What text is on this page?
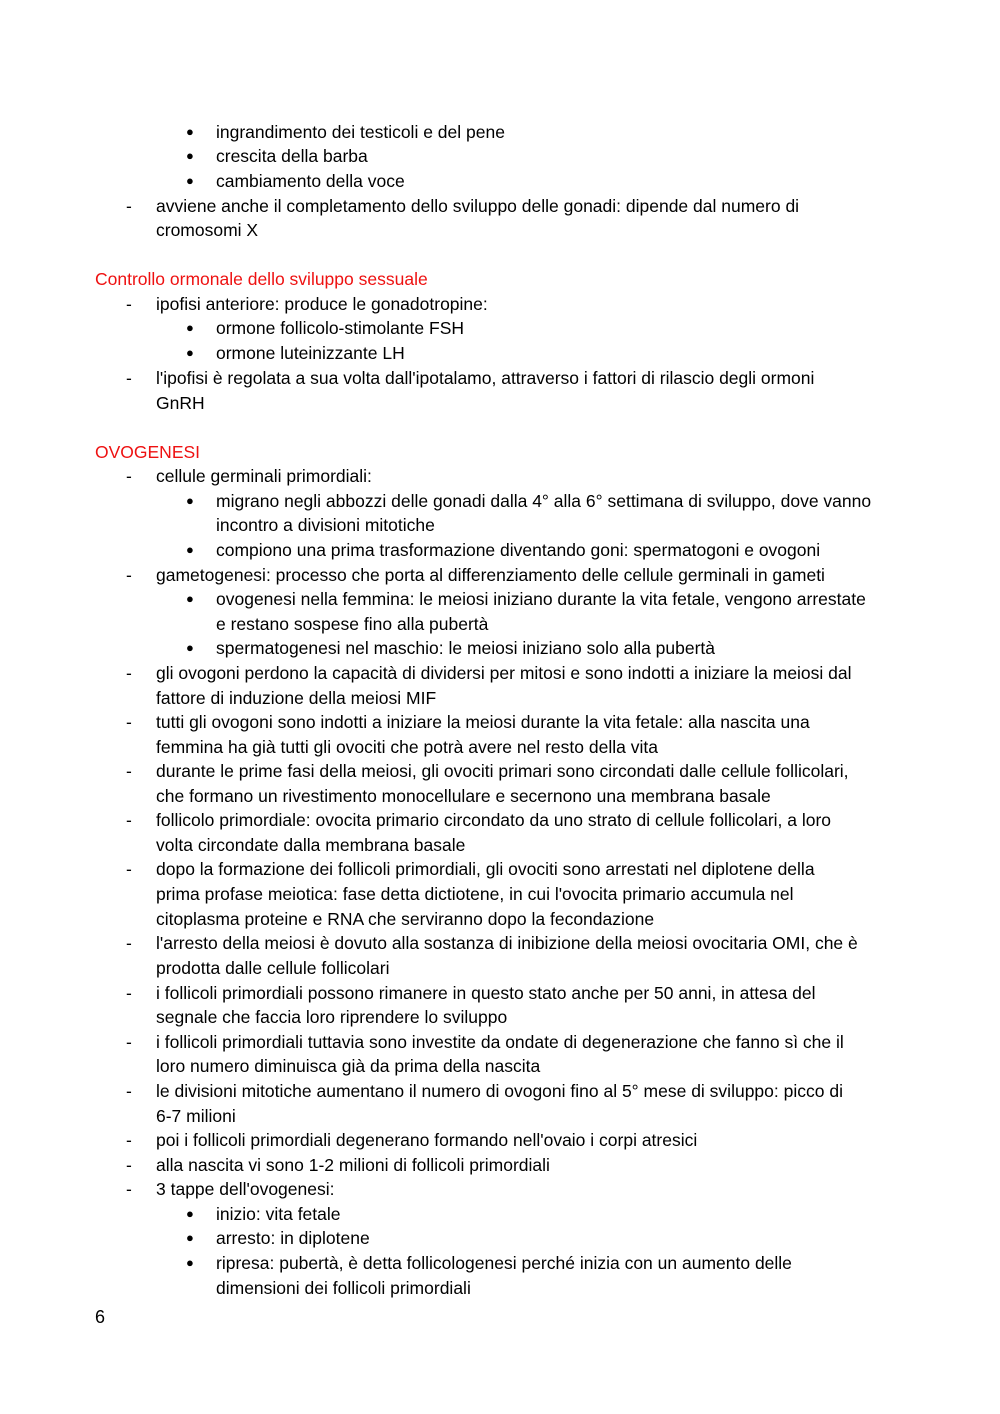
● ingrandimento dei testicoli e del pene
● crescita della barba
● cambiamento della voce
- avviene anche il completamento dello sviluppo delle gonadi: dipende dal numero di
cromosomi X
Controllo ormonale dello sviluppo sessuale
- ipofisi anteriore: produce le gonadotropine:
● ormone follicolo-stimolante FSH
● ormone luteinizzante LH
- l'ipofisi è regolata a sua volta dall'ipotalamo, attraverso i fattori di rilascio degli ormoni
GnRH
OVOGENESI
- cellule germinali primordiali:
● migrano negli abbozzi delle gonadi dalla 4° alla 6° settimana di sviluppo, dove vanno
incontro a divisioni mitotiche
● compiono una prima trasformazione diventando goni: spermatogoni e ovogoni
- gametogenesi: processo che porta al differenziamento delle cellule germinali in gameti
● ovogenesi nella femmina: le meiosi iniziano durante la vita fetale, vengono arrestate
e restano sospese fino alla pubertà
● spermatogenesi nel maschio: le meiosi iniziano solo alla pubertà
- gli ovogoni perdono la capacità di dividersi per mitosi e sono indotti a iniziare la meiosi dal
fattore di induzione della meiosi MIF
- tutti gli ovogoni sono indotti a iniziare la meiosi durante la vita fetale: alla nascita una
femmina ha già tutti gli ovociti che potrà avere nel resto della vita
- durante le prime fasi della meiosi, gli ovociti primari sono circondati dalle cellule follicolari,
che formano un rivestimento monocellulare e secernono una membrana basale
- follicolo primordiale: ovocita primario circondato da uno strato di cellule follicolari, a loro
volta circondate dalla membrana basale
- dopo la formazione dei follicoli primordiali, gli ovociti sono arrestati nel diplotene della
prima profase meiotica: fase detta dictiotene, in cui l'ovocita primario accumula nel
citoplasma proteine e RNA che serviranno dopo la fecondazione
- l'arresto della meiosi è dovuto alla sostanza di inibizione della meiosi ovocitaria OMI, che è
prodotta dalle cellule follicolari
- i follicoli primordiali possono rimanere in questo stato anche per 50 anni, in attesa del
segnale che faccia loro riprendere lo sviluppo
- i follicoli primordiali tuttavia sono investite da ondate di degenerazione che fanno sì che il
loro numero diminuisca già da prima della nascita
- le divisioni mitotiche aumentano il numero di ovogoni fino al 5° mese di sviluppo: picco di
6-7 milioni
- poi i follicoli primordiali degenerano formando nell'ovaio i corpi atresici
- alla nascita vi sono 1-2 milioni di follicoli primordiali
- 3 tappe dell'ovogenesi:
● inizio: vita fetale
● arresto: in diplotene
● ripresa: pubertà, è detta follicologenesi perché inizia con un aumento delle
dimensioni dei follicoli primordiali
6
